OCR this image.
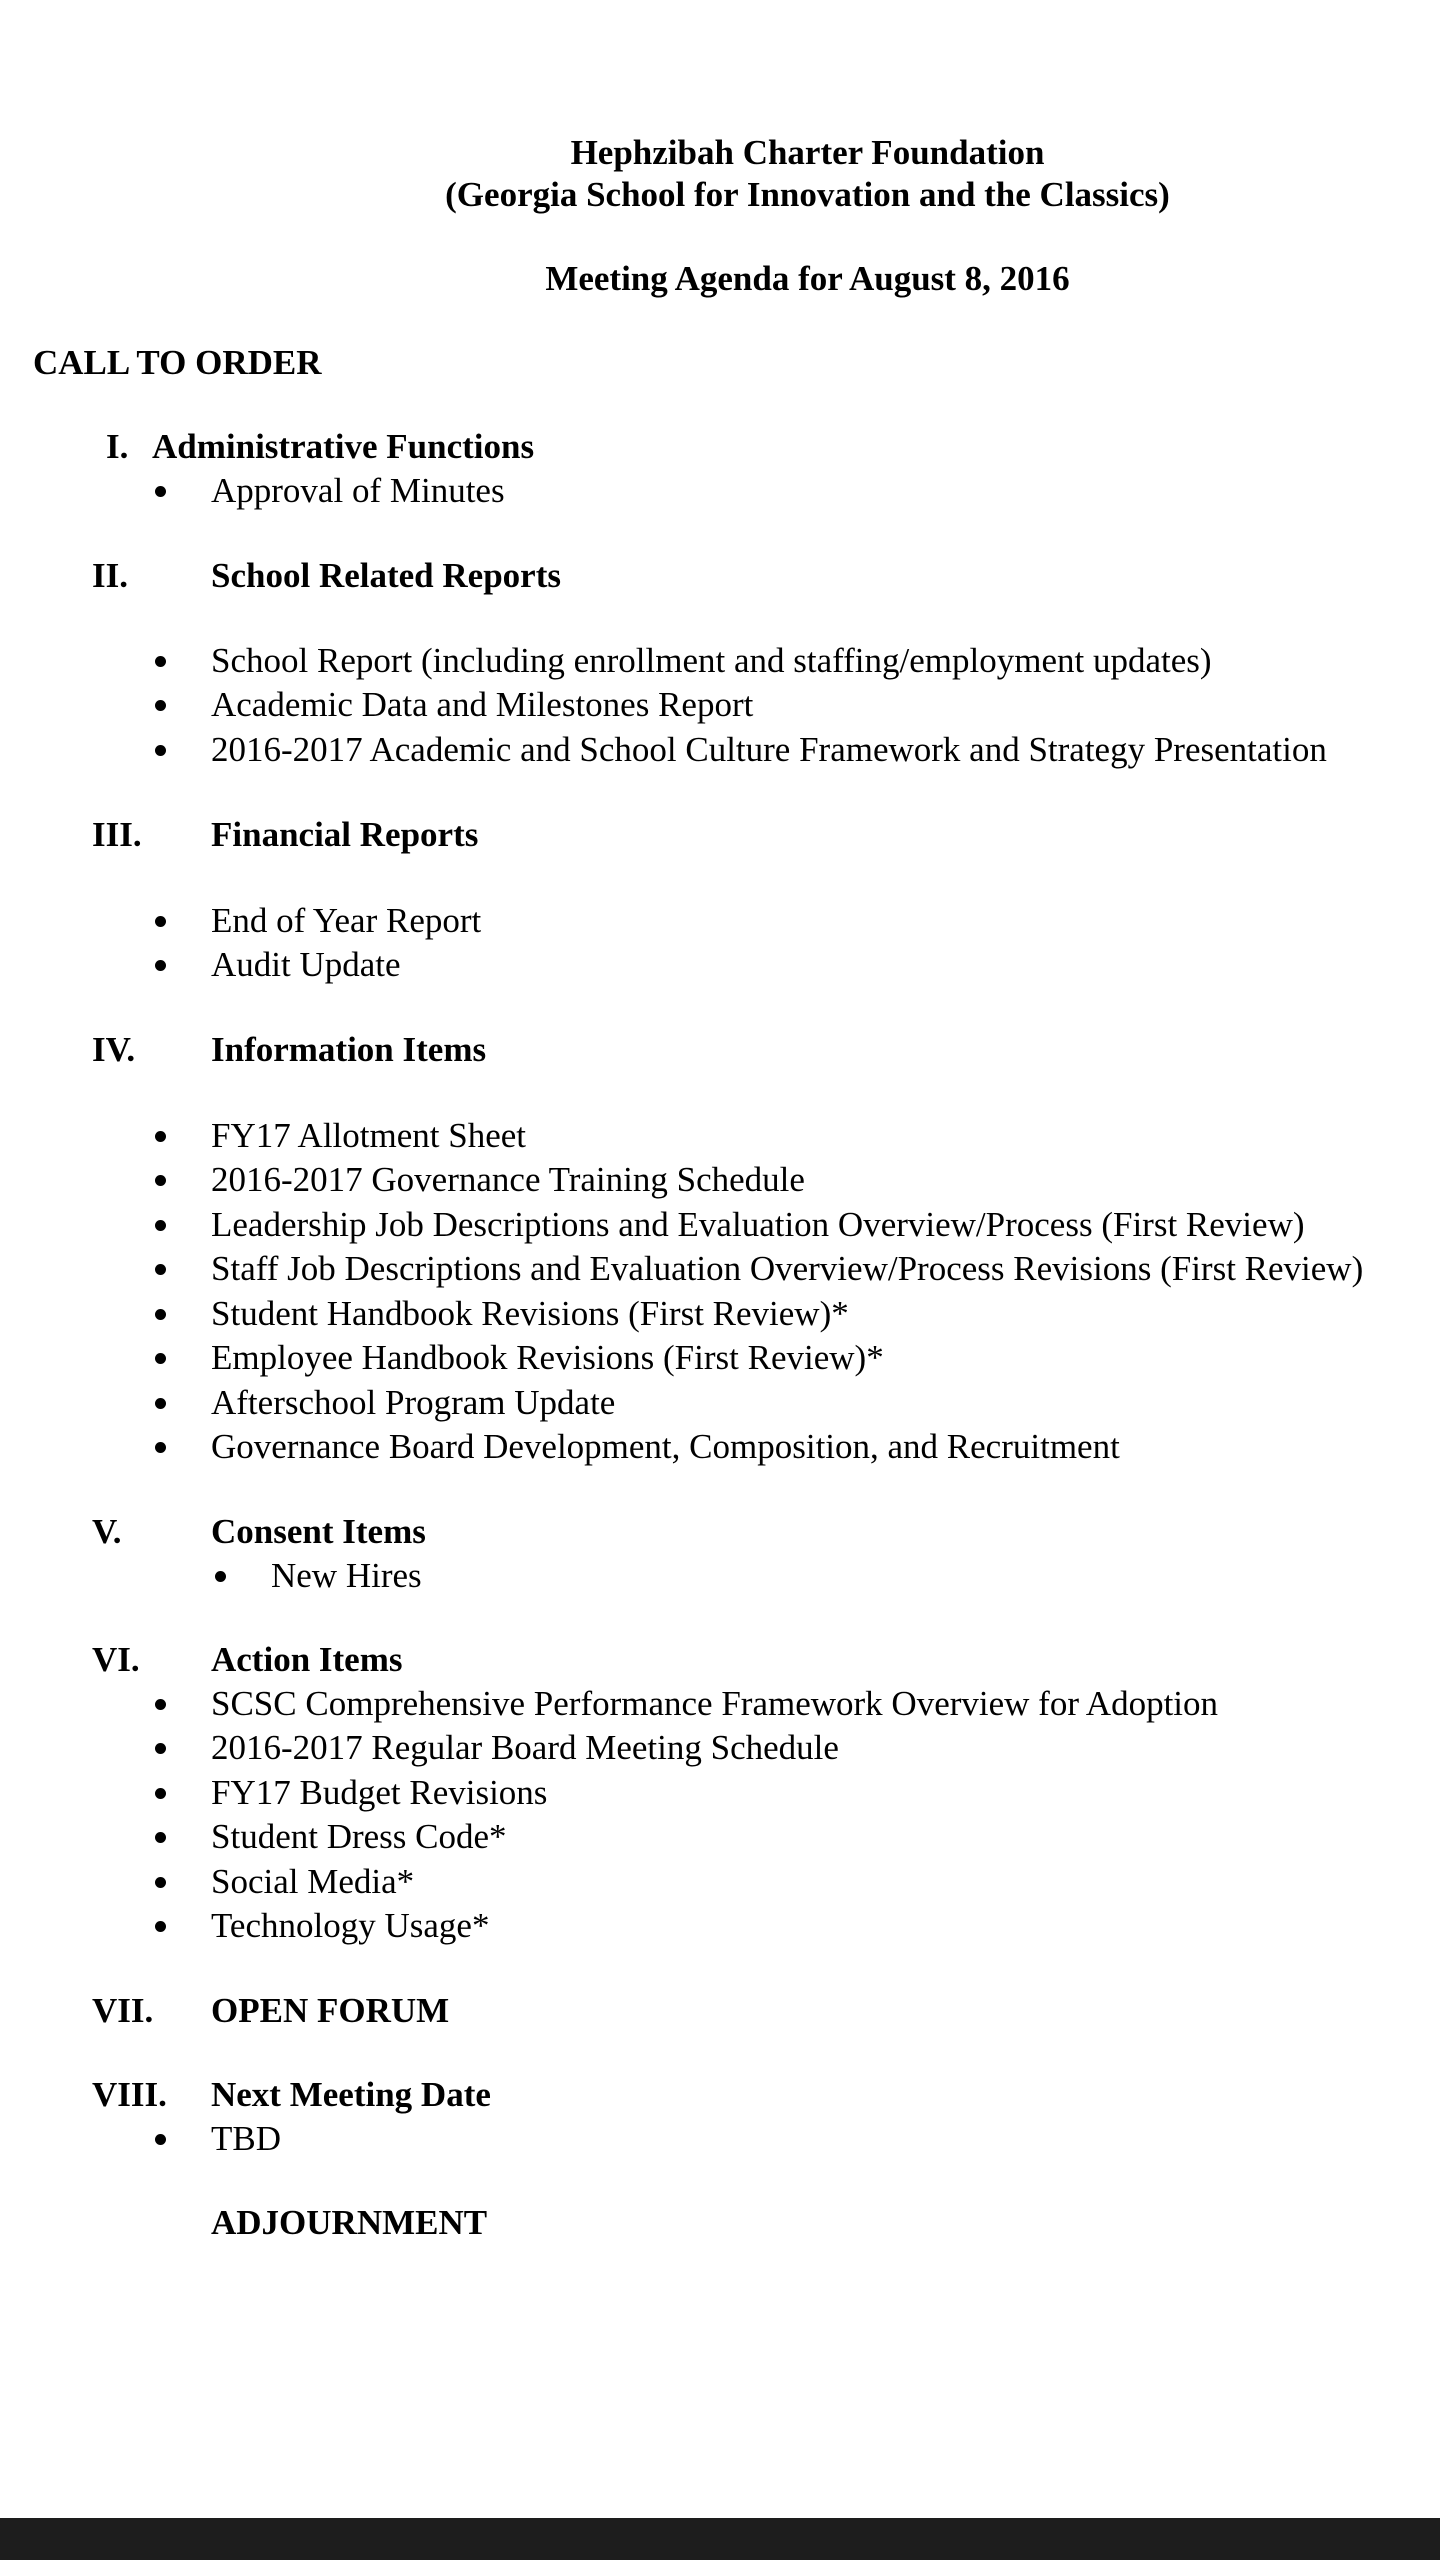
Hephzibah Charter Foundation
(Georgia School for Innovation and the Classics)
Meeting Agenda for August 8, 2016
CALL TO ORDER
I. Administrative Functions
Approval of Minutes
II. School Related Reports
School Report (including enrollment and staffing/employment updates)
Academic Data and Milestones Report
2016-2017 Academic and School Culture Framework and Strategy Presentation
III. Financial Reports
End of Year Report
Audit Update
IV. Information Items
FY17 Allotment Sheet
2016-2017 Governance Training Schedule
Leadership Job Descriptions and Evaluation Overview/Process (First Review)
Staff Job Descriptions and Evaluation Overview/Process Revisions (First Review)
Student Handbook Revisions (First Review)*
Employee Handbook Revisions (First Review)*
Afterschool Program Update
Governance Board Development, Composition, and Recruitment
V.	Consent Items
New Hires
VI. Action Items
SCSC Comprehensive Performance Framework Overview for Adoption
2016-2017 Regular Board Meeting Schedule
FY17 Budget Revisions
Student Dress Code*
Social Media*
Technology Usage*
VII. OPEN FORUM
VIII. Next Meeting Date
TBD
ADJOURNMENT
